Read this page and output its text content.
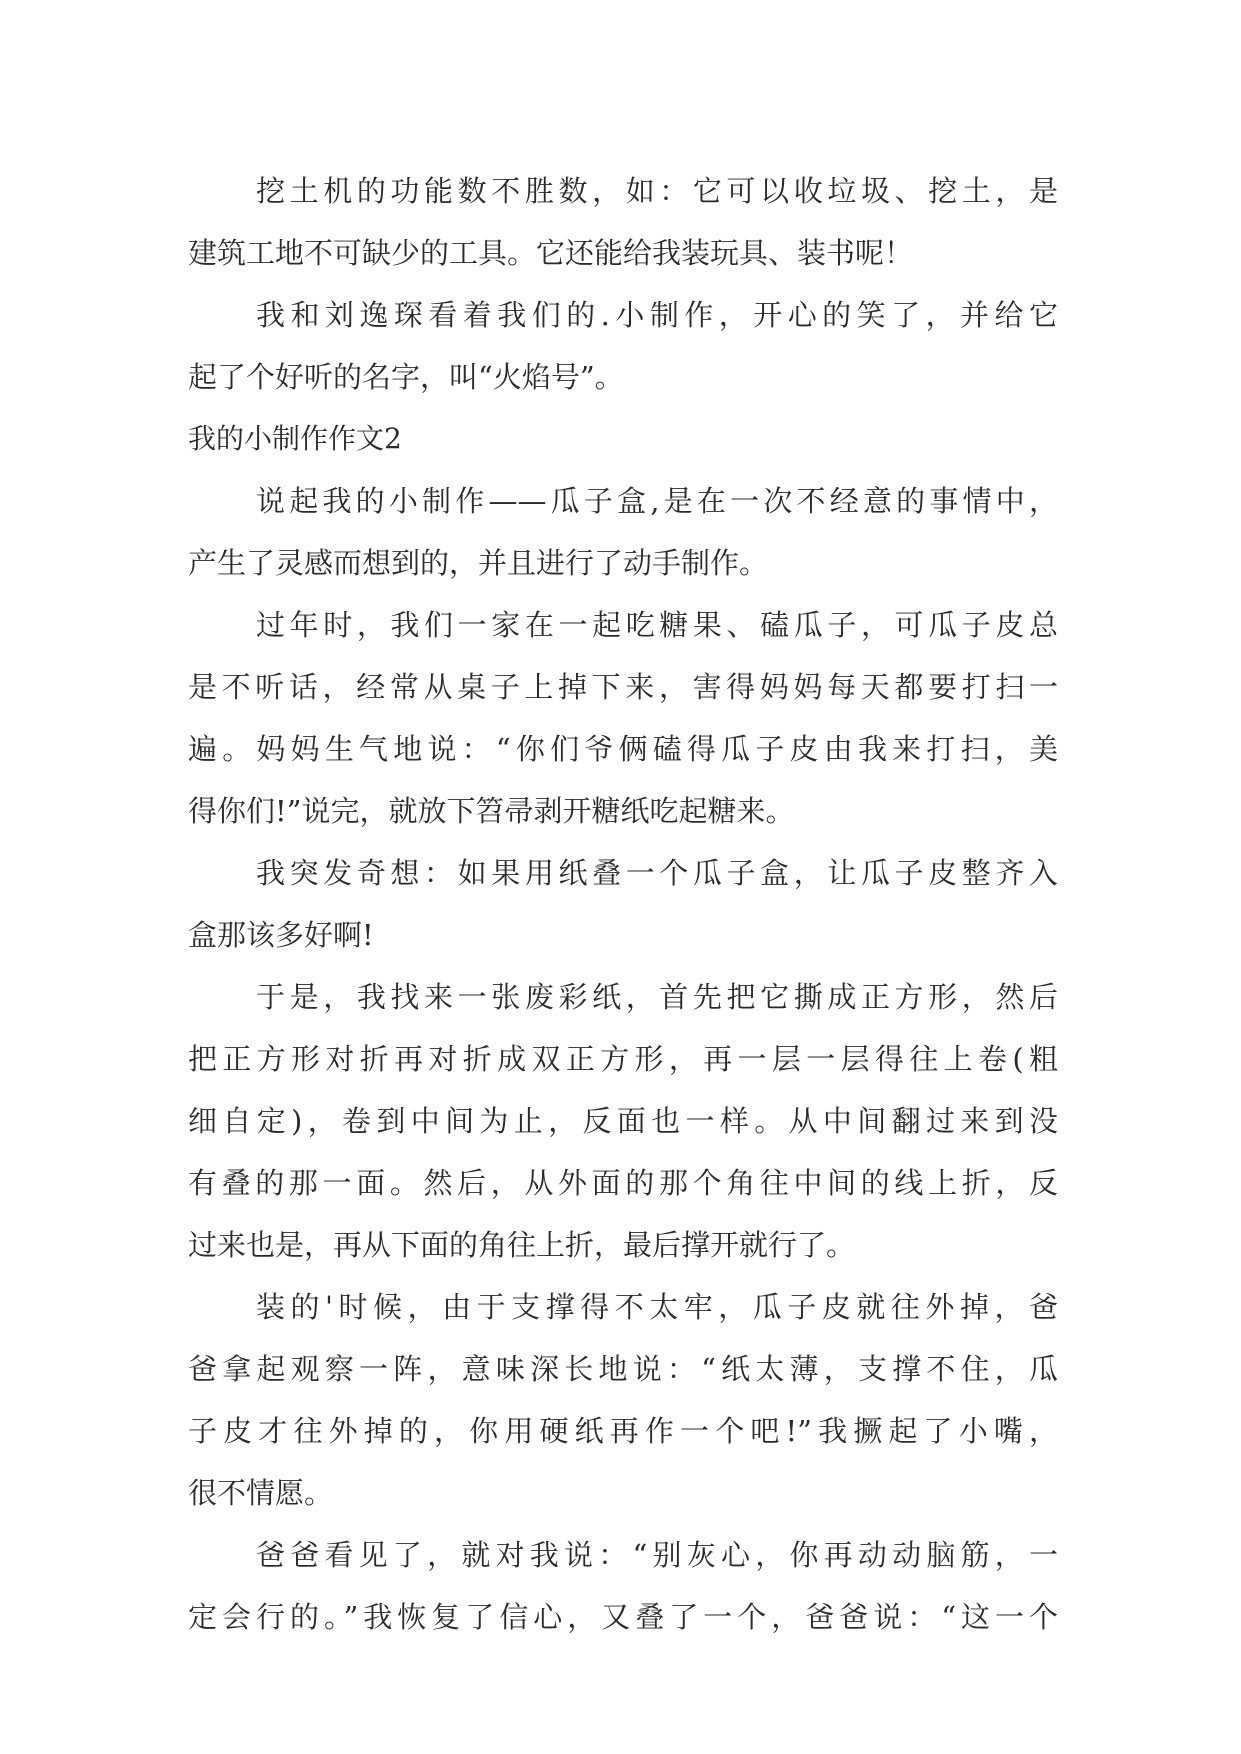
挖土机的功能数不胜数，如：它可以收垃圾、挖土，是
建筑工地不可缺少的工具。它还能给我装玩具、装书呢！
我和刘逸琛看着我们的.小制作，开心的笑了，并给它
起了个好听的名字，叫“火焰号”。
我的小制作作文2
说起我的小制作——瓜子盒,是在一次不经意的事情中，
产生了灵感而想到的，并且进行了动手制作。
过年时，我们一家在一起吃糖果、磕瓜子，可瓜子皮总
是不听话，经常从桌子上掉下来，害得妈妈每天都要打扫一
遍。妈妈生气地说：“你们爷俩磕得瓜子皮由我来打扫，美
得你们!”说完，就放下笤帚剥开糖纸吃起糖来。
我突发奇想：如果用纸叠一个瓜子盒，让瓜子皮整齐入
盒那该多好啊!
于是，我找来一张废彩纸，首先把它撕成正方形，然后
把正方形对折再对折成双正方形，再一层一层得往上卷(粗
细自定)，卷到中间为止，反面也一样。从中间翻过来到没
有叠的那一面。然后，从外面的那个角往中间的线上折，反
过来也是，再从下面的角往上折，最后撑开就行了。
装的'时候，由于支撑得不太牢，瓜子皮就往外掉，爸
爸拿起观察一阵，意味深长地说：“纸太薄，支撑不住，瓜
子皮才往外掉的，你用硬纸再作一个吧!”我撅起了小嘴，
很不情愿。
爸爸看见了，就对我说：“别灰心，你再动动脑筋，一
定会行的。”我恢复了信心，又叠了一个，爸爸说：“这一个
